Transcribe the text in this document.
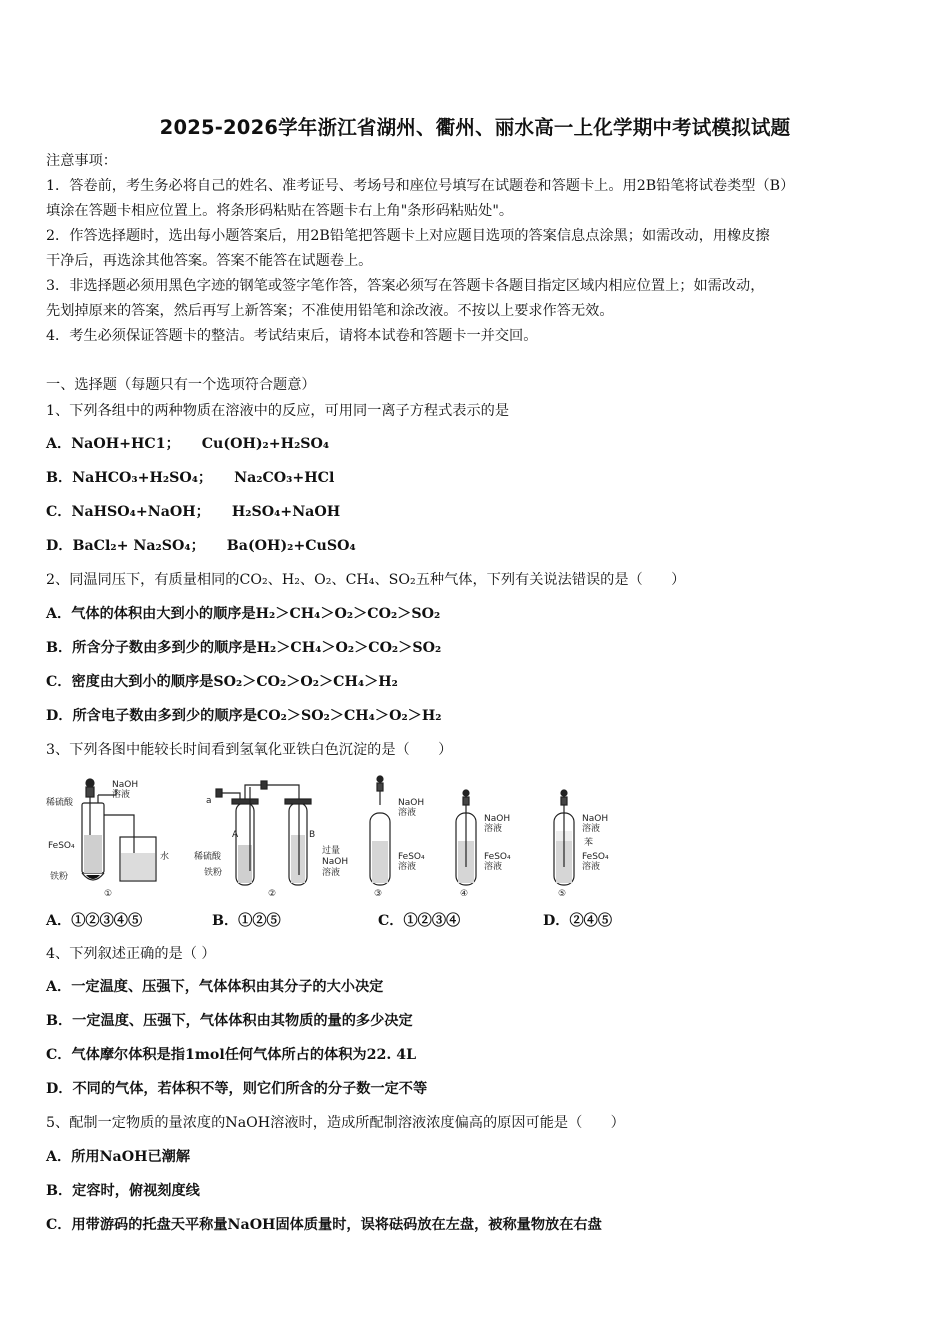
2025-2026学年浙江省湖州、衢州、丽水高一上化学期中考试模拟试题
注意事项：
1．答卷前，考生务必将自己的姓名、准考证号、考场号和座位号填写在试题卷和答题卡上。用2B铅笔将试卷类型（B）
填涂在答题卡相应位置上。将条形码粘贴在答题卡右上角"条形码粘贴处"。
2．作答选择题时，选出每小题答案后，用2B铅笔把答题卡上对应题目选项的答案信息点涂黑；如需改动，用橡皮擦
干净后，再选涂其他答案。答案不能答在试题卷上。
3．非选择题必须用黑色字迹的钢笔或签字笔作答，答案必须写在答题卡各题目指定区域内相应位置上；如需改动，
先划掉原来的答案，然后再写上新答案；不准使用铅笔和涂改液。不按以上要求作答无效。
4．考生必须保证答题卡的整洁。考试结束后，请将本试卷和答题卡一并交回。
一、选择题（每题只有一个选项符合题意）
1、下列各组中的两种物质在溶液中的反应，可用同一离子方程式表示的是
A．NaOH+HC1； Cu(OH)₂+H₂SO₄
B．NaHCO₃+H₂SO₄； Na₂CO₃+HCl
C．NaHSO₄+NaOH； H₂SO₄+NaOH
D．BaCl₂+ Na₂SO₄； Ba(OH)₂+CuSO₄
2、同温同压下，有质量相同的CO₂、H₂、O₂、CH₄、SO₂五种气体，下列有关说法错误的是（　　）
A．气体的体积由大到小的顺序是H₂＞CH₄＞O₂＞CO₂＞SO₂
B．所含分子数由多到少的顺序是H₂＞CH₄＞O₂＞CO₂＞SO₂
C．密度由大到小的顺序是SO₂＞CO₂＞O₂＞CH₄＞H₂
D．所含电子数由多到少的顺序是CO₂＞SO₂＞CH₄＞O₂＞H₂
3、下列各图中能较长时间看到氢氧化亚铁白色沉淀的是（　　）
NaOH
溶液
稀硫酸
FeSO₄
铁粉
水
①
a
A	B
稀硫酸
铁粉
过量
NaOH
溶液
②
NaOH
溶液
FeSO₄
溶液
③
NaOH
溶液
FeSO₄
溶液
④
NaOH
溶液
苯
FeSO₄
溶液
⑤
A．①②③④⑤	B．①②⑤	C．①②③④	D．②④⑤
4、下列叙述正确的是（ ）
A．一定温度、压强下，气体体积由其分子的大小决定
B．一定温度、压强下，气体体积由其物质的量的多少决定
C．气体摩尔体积是指1mol任何气体所占的体积为22. 4L
D．不同的气体，若体积不等，则它们所含的分子数一定不等
5、配制一定物质的量浓度的NaOH溶液时，造成所配制溶液浓度偏高的原因可能是（　　）
A．所用NaOH已潮解
B．定容时，俯视刻度线
C．用带游码的托盘天平称量NaOH固体质量时，误将砝码放在左盘，被称量物放在右盘
